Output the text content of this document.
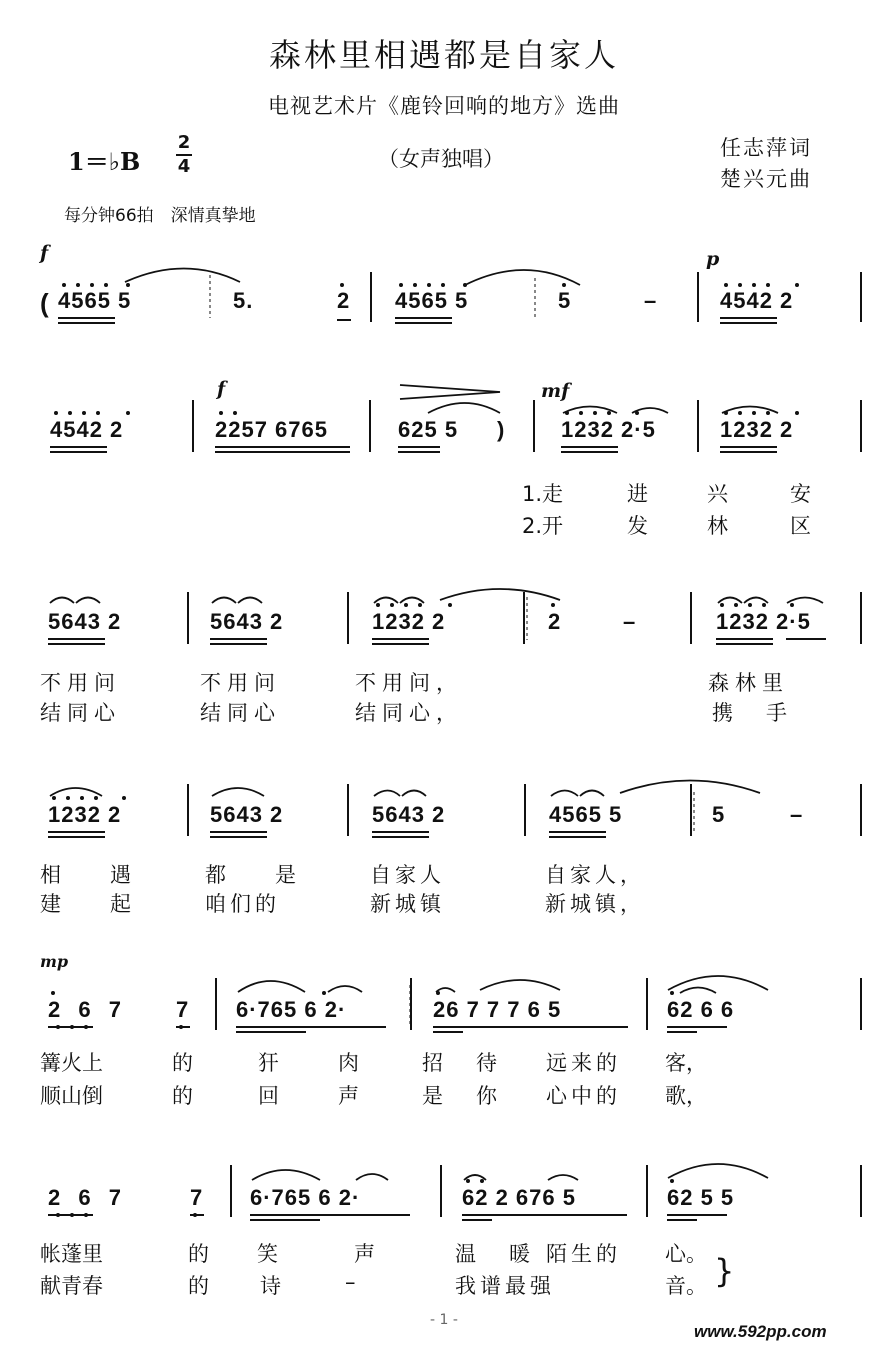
森林里相遇都是自家人
电视艺术片《鹿铃回响的地方》选曲
1＝♭B
2
4	（女声独唱）	任志萍词
楚兴元曲
每分钟66拍　深情真挚地
f	p
( 4565 5	5.	2 4565 5	5	–	4542 2
f	mf
4542 2	2257 6765	625 5 )	1232 2·5	1232 2
1.走	进	兴	安
2.开	发	林	区
5643 2	5643 2	1232 2	2	–	1232 2·5
不用问	不用问	不用问，	森林里
结同心	结同心	结同心，	携　手
1232 2	5643 2	5643 2	4565 5	5	–
相　遇	都　是	自家人	自家人，
建　起	咱们的	新城镇	新城镇，
mp
2 6 7 7 6·765 6 2·	26 7 7 7 6 5	62 6 6
篝火上	的	犴	肉	招　待 远来的 客，
顺山倒	的	回	声	是　你 心中的 歌，
2 6 7	7 6·765 6 2·	62 2 676 5	62 5 5
帐蓬里	的 笑	声	温　暖 陌生的 心。
献青春	的 诗	–	我谱最强	音。 }
- 1 -
www.592pp.com
